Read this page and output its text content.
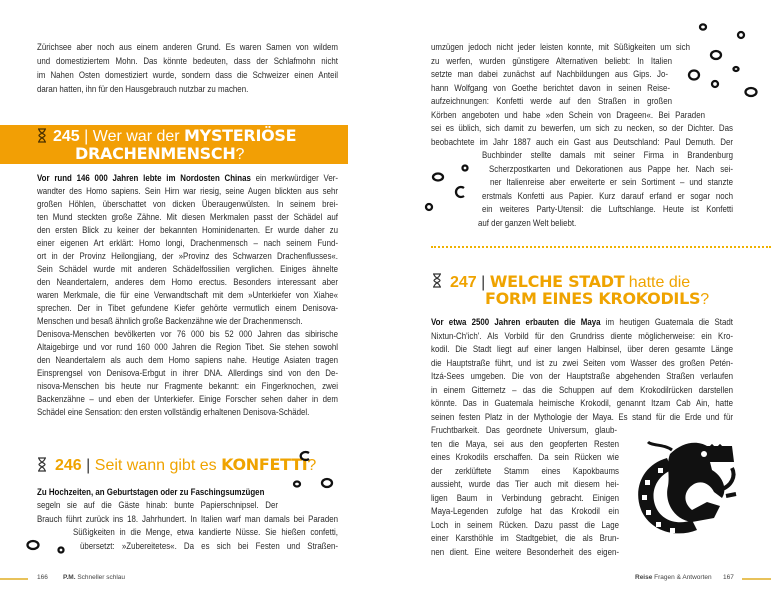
Zürichsee aber noch aus einem anderen Grund. Es waren Samen von wildem
und domestiziertem Mohn. Das könnte bedeuten, dass der Schlafmohn nicht
im Nahen Osten domestiziert wurde, sondern dass die Schweizer einen Anteil
daran hatten, ihn für den Hausgebrauch nutzbar zu machen.
Vor rund 146 000 Jahren lebte im Nordosten Chinas ein merkwürdiger Ver-
wandter des Homo sapiens. Sein Hirn war riesig, seine Augen blickten aus sehr
großen Höhlen, überschattet von dicken Überaugenwülsten. In seinem brei-
ten Mund steckten große Zähne. Mit diesen Merkmalen passt der Schädel auf
den ersten Blick zu keiner der bekannten Hominidenarten. Er wurde daher zu
einer eigenen Art erklärt: Homo longi, Drachenmensch – nach seinem Fund-
ort in der Provinz Heilongjiang, der »Provinz des Schwarzen Drachenflusses«.
Sein Schädel wurde mit anderen Schädelfossilien verglichen. Einiges ähnelte
den Neandertalern, anderes dem Homo erectus. Besonders interessant aber
waren Merkmale, die für eine Verwandtschaft mit dem »Unterkiefer von Xiahe«
sprechen. Der in Tibet gefundene Kiefer gehörte vermutlich einem Denisova-
Menschen und besaß ähnlich große Backenzähne wie der Drachenmensch.
Denisova-Menschen bevölkerten vor 76 000 bis 52 000 Jahren das sibirische
Altaigebirge und vor rund 160 000 Jahren die Region Tibet. Sie stehen sowohl
den Neandertalern als auch dem Homo sapiens nahe. Heutige Asiaten tragen
Einsprengsel von Denisova-Erbgut in ihrer DNA. Allerdings sind von den De-
nisova-Menschen bis heute nur Fragmente bekannt: ein Fingerknochen, zwei
Backenzähne – und eben der Unterkiefer. Einige Forscher sehen daher in dem
Schädel eine Sensation: den ersten vollständig erhaltenen Denisova-Schädel.
Zu Hochzeiten, an Geburtstagen oder zu Faschingsumzügen
segeln sie auf die Gäste hinab: bunte Papierschnipsel. Der
Brauch führt zurück ins 18. Jahrhundert. In Italien warf man damals bei Paraden
Süßigkeiten in die Menge, etwa kandierte Nüsse. Sie hießen confetti,
übersetzt: »Zubereitetes«. Da es sich bei Festen und Straßen-
umzügen jedoch nicht jeder leisten konnte, mit Süßigkeiten um sich
zu werfen, wurden günstigere Alternativen beliebt: In Italien
setzte man dabei zunächst auf Nachbildungen aus Gips. Jo-
hann Wolfgang von Goethe berichtet davon in seinen Reise-
aufzeichnungen: Konfetti werde auf den Straßen in großen
Körben angeboten und habe »den Schein von Drageen«. Bei Paraden
sei es üblich, sich damit zu bewerfen, um sich zu necken, so der Dichter. Das
beobachtete im Jahr 1887 auch ein Gast aus Deutschland: Paul Demuth. Der
Buchbinder stellte damals mit seiner Firma in Brandenburg
Scherzpostkarten und Dekorationen aus Pappe her. Nach sei-
ner Italienreise aber erweiterte er sein Sortiment – und stanzte
erstmals Konfetti aus Papier. Kurz darauf erfand er sogar noch
ein weiteres Party-Utensil: die Luftschlange. Heute ist Konfetti
auf der ganzen Welt beliebt.
Vor etwa 2500 Jahren erbauten die Maya im heutigen Guatemala die Stadt
Nixtun-Ch'ich'. Als Vorbild für den Grundriss diente möglicherweise: ein Kro-
kodil. Die Stadt liegt auf einer langen Halbinsel, über deren gesamte Länge
die Hauptstraße führt, und ist zu zwei Seiten vom Wasser des großen Petén-
Itzá-Sees umgeben. Die von der Hauptstraße abgehenden Straßen verlaufen
in einem Gitternetz – das die Schuppen auf dem Krokodilrücken darstellen
könnte. Das in Guatemala heimische Krokodil, genannt Itzam Cab Ain, hatte
seinen festen Platz in der Mythologie der Maya. Es stand für die Erde und für
Fruchtbarkeit. Das geordnete Universum, glaub-
ten die Maya, sei aus den geopferten Resten
eines Krokodils erschaffen. Da sein Rücken wie
der zerklüftete Stamm eines Kapokbaums
aussieht, wurde das Tier auch mit diesem hei-
ligen Baum in Verbindung gebracht. Einigen
Maya-Legenden zufolge hat das Krokodil ein
Loch in seinem Rücken. Dazu passt die Lage
einer Karsthöhle im Stadtgebiet, die als Brun-
nen dient. Eine weitere Besonderheit des eigen-
245 | Wer war der MYSTERIÖSE
DRACHENMENSCH?
246 | Seit wann gibt es KONFETTI?
247 | WELCHE STADT hatte die
FORM EINES KROKODILS?
166 P.M. Schneller schlau	Reise Fragen & Antworten 167
